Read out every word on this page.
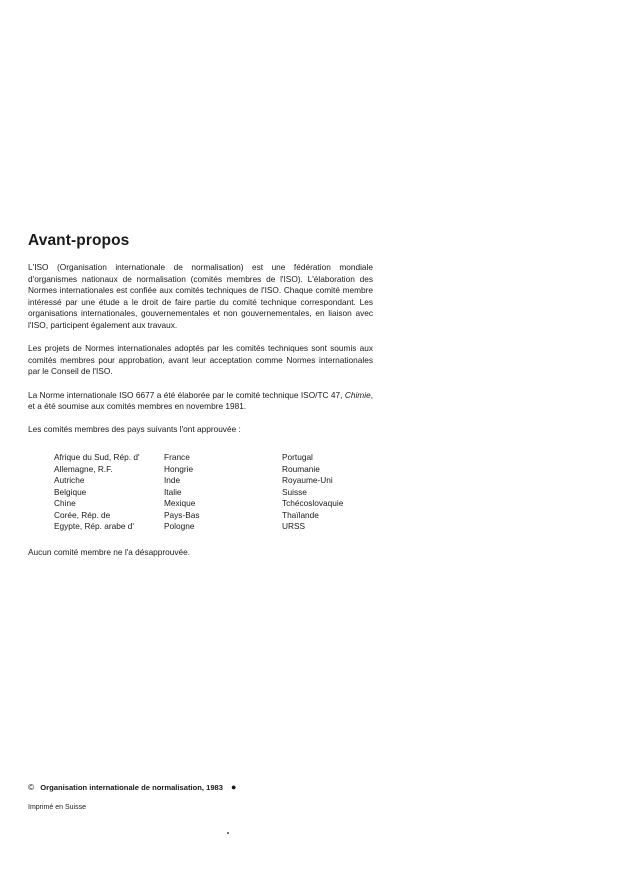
Avant-propos

L'ISO (Organisation internationale de normalisation) est une fédération mondiale d'organismes nationaux de normalisation (comités membres de l'ISO). L'élaboration des Normes internationales est confiée aux comités techniques de l'ISO. Chaque comité membre intéressé par une étude a le droit de faire partie du comité technique correspondant. Les organisations internationales, gouvernementales et non gouvernementales, en liaison avec l'ISO, participent également aux travaux.

Les projets de Normes internationales adoptés par les comités techniques sont soumis aux comités membres pour approbation, avant leur acceptation comme Normes internationales par le Conseil de l'ISO.

La Norme internationale ISO 6677 a été élaborée par le comité technique ISO/TC 47, Chimie, et a été soumise aux comités membres en novembre 1981.

Les comités membres des pays suivants l'ont approuvée :

Afrique du Sud, Rép. d'
Allemagne, R.F.
Autriche
Belgique
Chine
Corée, Rép. de
Egypte, Rép. arabe d'
France
Hongrie
Inde
Italie
Mexique
Pays-Bas
Pologne
Portugal
Roumanie
Royaume-Uni
Suisse
Tchécoslovaquie
Thaïlande
URSS

Aucun comité membre ne l'a désapprouvée.

© Organisation internationale de normalisation, 1983 ●
Imprimé en Suisse
